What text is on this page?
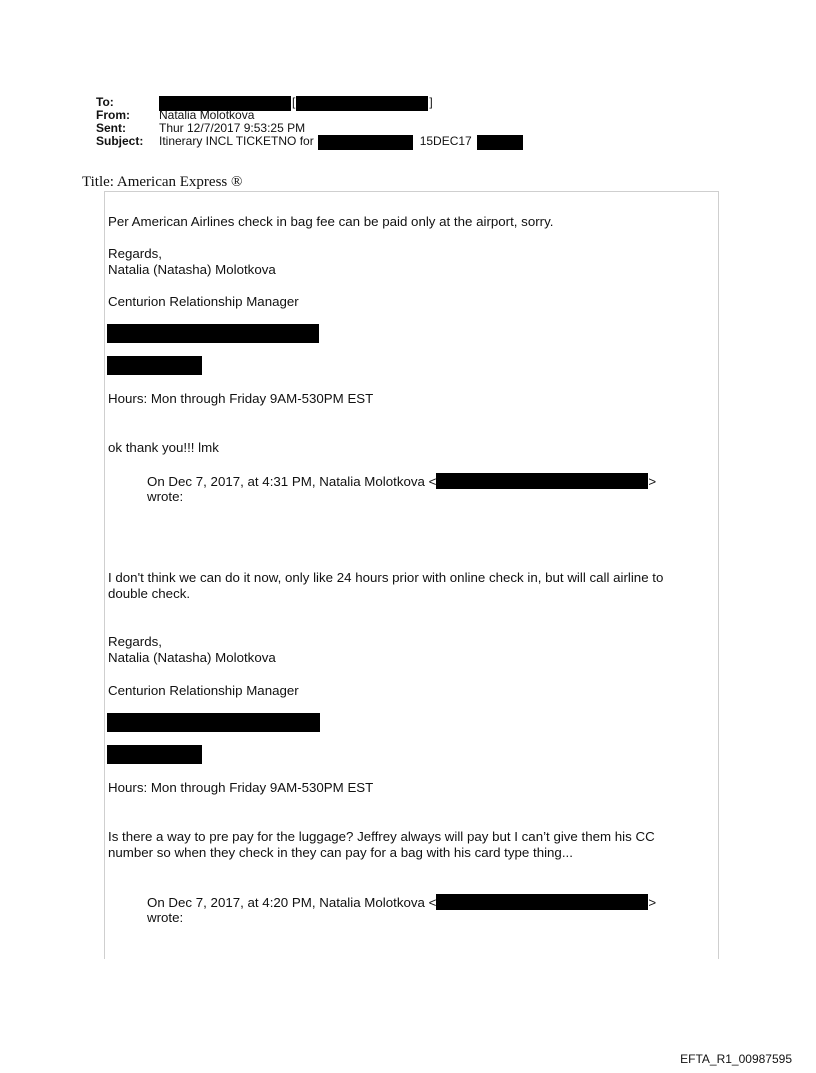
To:	[	]
From:	Natalia Molotkova
Sent:	Thur 12/7/2017 9:53:25 PM
Subject:	Itinerary INCL TICKETNO for	15DEC17
Title: American Express ®
Per American Airlines check in bag fee can be paid only at the airport, sorry.
Regards,
Natalia (Natasha) Molotkova
Centurion Relationship Manager
Hours: Mon through Friday 9AM-530PM EST
ok thank you!!! lmk
On Dec 7, 2017, at 4:31 PM, Natalia Molotkova <	>
wrote:
I don't think we can do it now, only like 24 hours prior with online check in, but will call airline to
double check.
Regards,
Natalia (Natasha) Molotkova
Centurion Relationship Manager
Hours: Mon through Friday 9AM-530PM EST
Is there a way to pre pay for the luggage? Jeffrey always will pay but I can’t give them his CC
number so when they check in they can pay for a bag with his card type thing...
On Dec 7, 2017, at 4:20 PM, Natalia Molotkova <	>
wrote:
EFTA_R1_00987595
